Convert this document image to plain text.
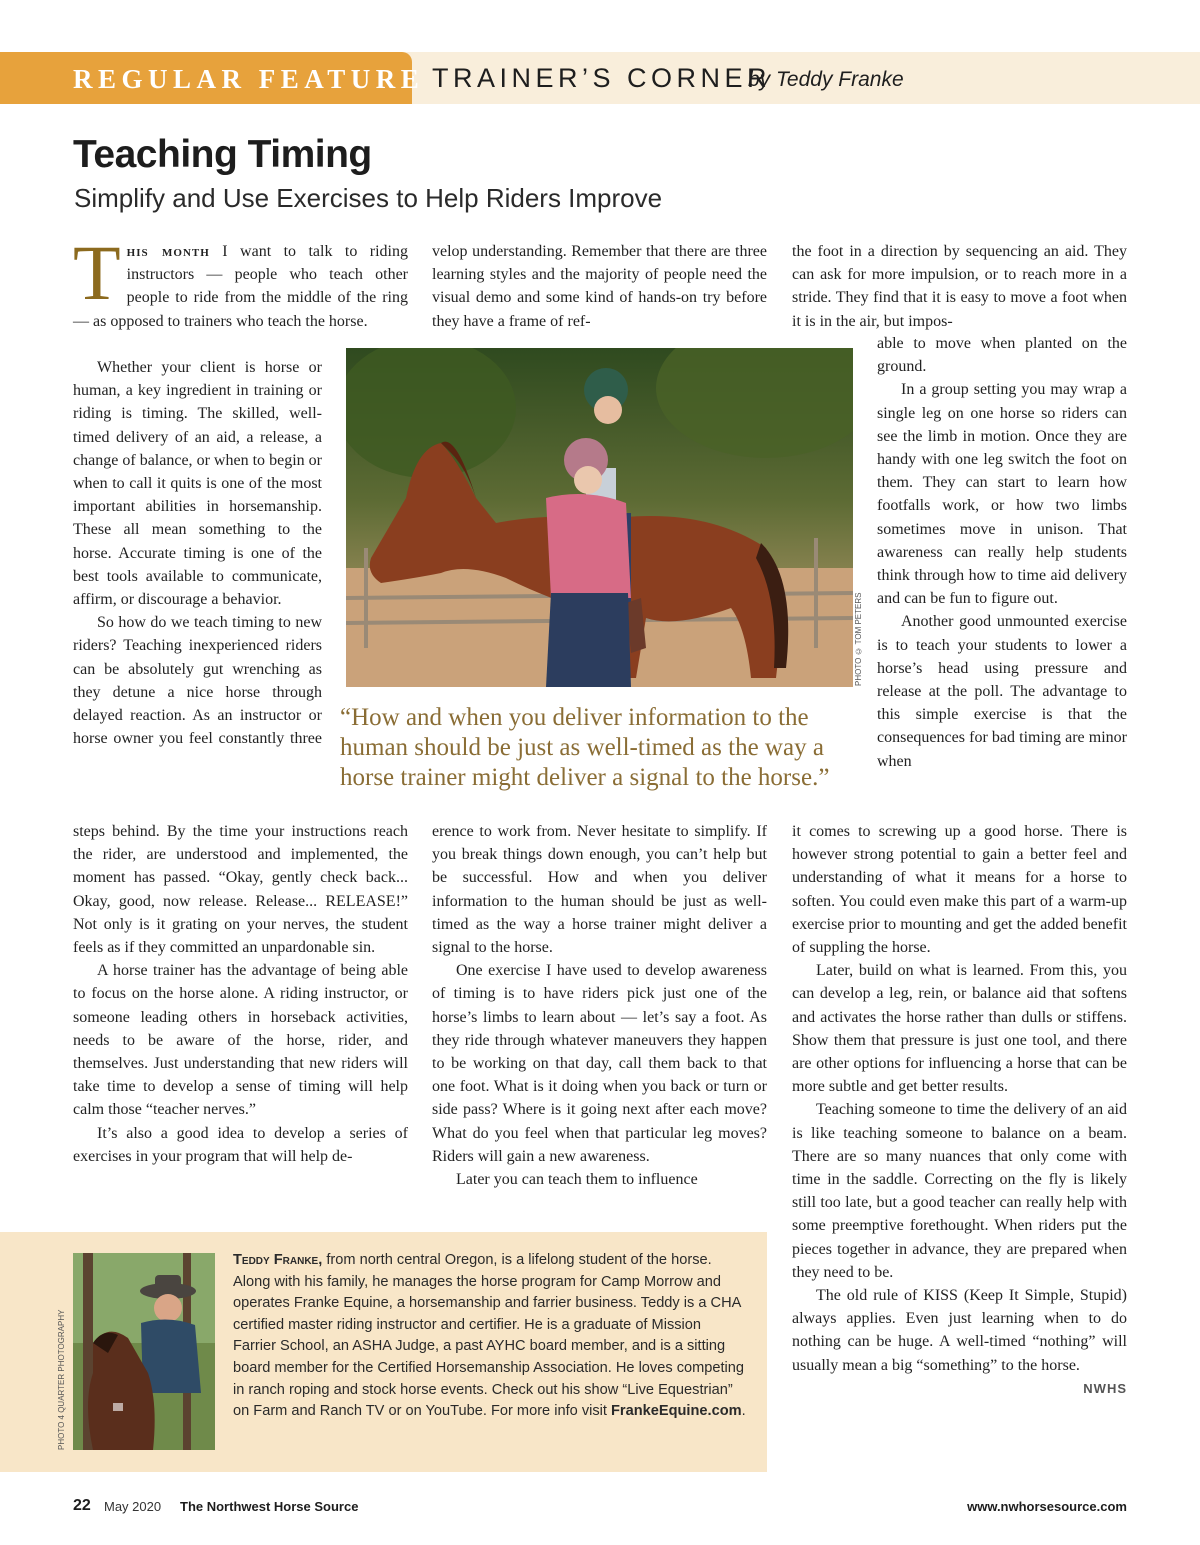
REGULAR FEATURE TRAINER’S CORNER
by Teddy Franke
Teaching Timing
Simplify and Use Exercises to Help Riders Improve

This month I want to talk to riding instructors — people who teach other people to ride from the middle of the ring — as opposed to trainers who teach the horse.

Whether your client is horse or human, a key ingredient in training or riding is timing. The skilled, well-timed delivery of an aid, a release, a change of balance, or when to begin or when to call it quits is one of the most important abilities in horsemanship. These all mean something to the horse. Accurate timing is one of the best tools available to communicate, affirm, or discourage a behavior.

So how do we teach timing to new riders? Teaching inexperienced riders can be absolutely gut wrenching as they detune a nice horse through delayed reaction. As an instructor or horse owner you feel constantly three

steps behind. By the time your instructions reach the rider, are understood and implemented, the moment has passed. “Okay, gently check back... Okay, good, now release. Release... RELEASE!” Not only is it grating on your nerves, the student feels as if they committed an unpardonable sin.

A horse trainer has the advantage of being able to focus on the horse alone. A riding instructor, or someone leading others in horseback activities, needs to be aware of the horse, rider, and themselves. Just understanding that new riders will take time to develop a sense of timing will help calm those “teacher nerves.”

It’s also a good idea to develop a series of exercises in your program that will help de-

velop understanding. Remember that there are three learning styles and the majority of people need the visual demo and some kind of hands-on try before they have a frame of ref-

erence to work from. Never hesitate to simplify. If you break things down enough, you can’t help but be successful. How and when you deliver information to the human should be just as well-timed as the way a horse trainer might deliver a signal to the horse.

One exercise I have used to develop awareness of timing is to have riders pick just one of the horse’s limbs to learn about — let’s say a foot. As they ride through whatever maneuvers they happen to be working on that day, call them back to that one foot. What is it doing when you back or turn or side pass? Where is it going next after each move? What do you feel when that particular leg moves? Riders will gain a new awareness.

Later you can teach them to influence

the foot in a direction by sequencing an aid. They can ask for more impulsion, or to reach more in a stride. They find that it is easy to move a foot when it is in the air, but impos-

able to move when planted on the ground.

In a group setting you may wrap a single leg on one horse so riders can see the limb in motion. Once they are handy with one leg switch the foot on them. They can start to learn how footfalls work, or how two limbs sometimes move in unison. That awareness can really help students think through how to time aid delivery and can be fun to figure out.

Another good unmounted exercise is to teach your students to lower a horse’s head using pressure and release at the poll. The advantage to this simple exercise is that the consequences for bad timing are minor when

it comes to screwing up a good horse. There is however strong potential to gain a better feel and understanding of what it means for a horse to soften. You could even make this part of a warm-up exercise prior to mounting and get the added benefit of suppling the horse.

Later, build on what is learned. From this, you can develop a leg, rein, or balance aid that softens and activates the horse rather than dulls or stiffens. Show them that pressure is just one tool, and there are other options for influencing a horse that can be more subtle and get better results.

Teaching someone to time the delivery of an aid is like teaching someone to balance on a beam. There are so many nuances that only come with time in the saddle. Correcting on the fly is likely still too late, but a good teacher can really help with some preemptive forethought. When riders put the pieces together in advance, they are prepared when they need to be.

The old rule of KISS (Keep It Simple, Stupid) always applies. Even just learning when to do nothing can be huge. A well-timed “nothing” will usually mean a big “something” to the horse.
NWHS

PHOTO © TOM PETERS
“How and when you deliver information to the human should be just as well-timed as the way a horse trainer might deliver a signal to the horse.”
PHOTO 4 QUARTER PHOTOGRAPHY
Teddy Franke, from north central Oregon, is a lifelong student of the horse. Along with his family, he manages the horse program for Camp Morrow and operates Franke Equine, a horsemanship and farrier business. Teddy is a CHA certified master riding instructor and certifier. He is a graduate of Mission Farrier School, an ASHA Judge, a past AYHC board member, and is a sitting board member for the Certified Horsemanship Association. He loves competing in ranch roping and stock horse events. Check out his show “Live Equestrian” on Farm and Ranch TV or on YouTube. For more info visit FrankeEquine.com.
22 May 2020 The Northwest Horse Source	www.nwhorsesource.com
